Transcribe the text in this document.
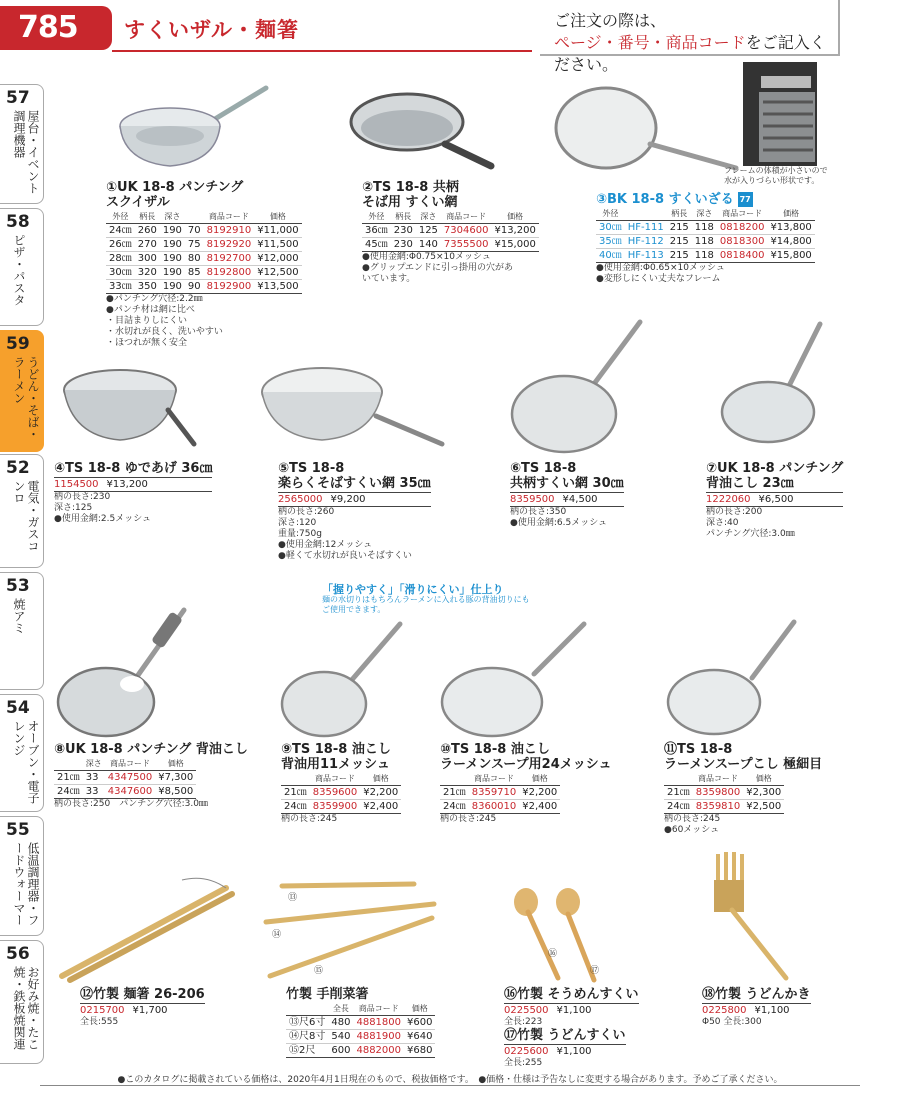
785	すくいザル・麺箸	ご注文の際は、
ページ・番号・商品コードをご記入ください。
57
屋台・イベント調理機器
58
ピザ・パスタ
59
うどん・そば・ラーメン
52
電気・ガスコンロ
53
焼アミ
54
オーブン・電子レンジ
55
低温調理器・フードウォーマー
56
お好み焼・たこ焼・鉄板焼関連
フレームの体積が小さいので
水が入りづらい形状です。
①UK 18-8 パンチング
スクイザル
外径	柄長	深さ		商品コード	価格
24㎝	260	190	70	8192910	¥11,000
26㎝	270	190	75	8192920	¥11,500
28㎝	300	190	80	8192700	¥12,000
30㎝	320	190	85	8192800	¥12,500
33㎝	350	190	90	8192900	¥13,500
●パンチング穴径:2.2㎜
●パンチ材は網に比べ
・目詰まりしにくい
・水切れが良く、洗いやすい
・ほつれが無く安全
②TS 18-8 共柄
そば用 すくい網
外径	柄長	深さ	商品コード	価格
36㎝	230	125	7304600	¥13,200
45㎝	230	140	7355500	¥15,000
●使用金網:Φ0.75×10メッシュ
●グリップエンドに引っ掛用の穴があいています。
③BK 18-8 すくいざる 77
外径		柄長	深さ	商品コード	価格
30㎝	HF-111	215	118	0818200	¥13,800
35㎝	HF-112	215	118	0818300	¥14,800
40㎝	HF-113	215	118	0818400	¥15,800
●使用金網:Φ0.65×10メッシュ
●変形しにくい丈夫なフレーム
④TS 18-8 ゆであげ 36㎝
1154500 ¥13,200
柄の長さ:230
深さ:125
●使用金網:2.5メッシュ
⑤TS 18-8
楽らくそばすくい網 35㎝
2565000 ¥9,200
柄の長さ:260
深さ:120
重量:750g
●使用金網:12メッシュ
●軽くて水切れが良いそばすくい
⑥TS 18-8
共柄すくい網 30㎝
8359500 ¥4,500
柄の長さ:350
●使用金網:6.5メッシュ
⑦UK 18-8 パンチング
背油こし 23㎝
1222060 ¥6,500
柄の長さ:200
深さ:40
パンチング穴径:3.0㎜
「握りやすく」「滑りにくい」仕上り
麺の水切りはもちろんラーメンに入れる豚の背油切りにも
ご使用できます。
⑧UK 18-8 パンチング 背油こし
	深さ	商品コード	価格
21㎝	33	4347500	¥7,300
24㎝	33	4347600	¥8,500
柄の長さ:250　パンチング穴径:3.0㎜
⑨TS 18-8 油こし
背油用11メッシュ
	商品コード	価格
21㎝	8359600	¥2,200
24㎝	8359900	¥2,400
柄の長さ:245
⑩TS 18-8 油こし
ラーメンスープ用24メッシュ
	商品コード	価格
21㎝	8359710	¥2,200
24㎝	8360010	¥2,400
柄の長さ:245
⑪TS 18-8
ラーメンスープこし 極細目
	商品コード	価格
21㎝	8359800	¥2,300
24㎝	8359810	¥2,500
柄の長さ:245
●60メッシュ
⑬
⑭
⑮
⑯
⑰
⑫竹製 麺箸 26-206
0215700 ¥1,700
全長:555
竹製 手削菜箸
	全長	商品コード	価格
⑬尺6寸	480	4881800	¥600
⑭尺8寸	540	4881900	¥640
⑮2尺	600	4882000	¥680
⑯竹製 そうめんすくい
0225500 ¥1,100
全長:223
⑰竹製 うどんすくい
0225600 ¥1,100
全長:255
⑱竹製 うどんかき
0225800 ¥1,100
Φ50 全長:300
●このカタログに掲載されている価格は、2020年4月1日現在のもので、税抜価格です。　●価格・仕様は予告なしに変更する場合があります。予めご了承ください。
